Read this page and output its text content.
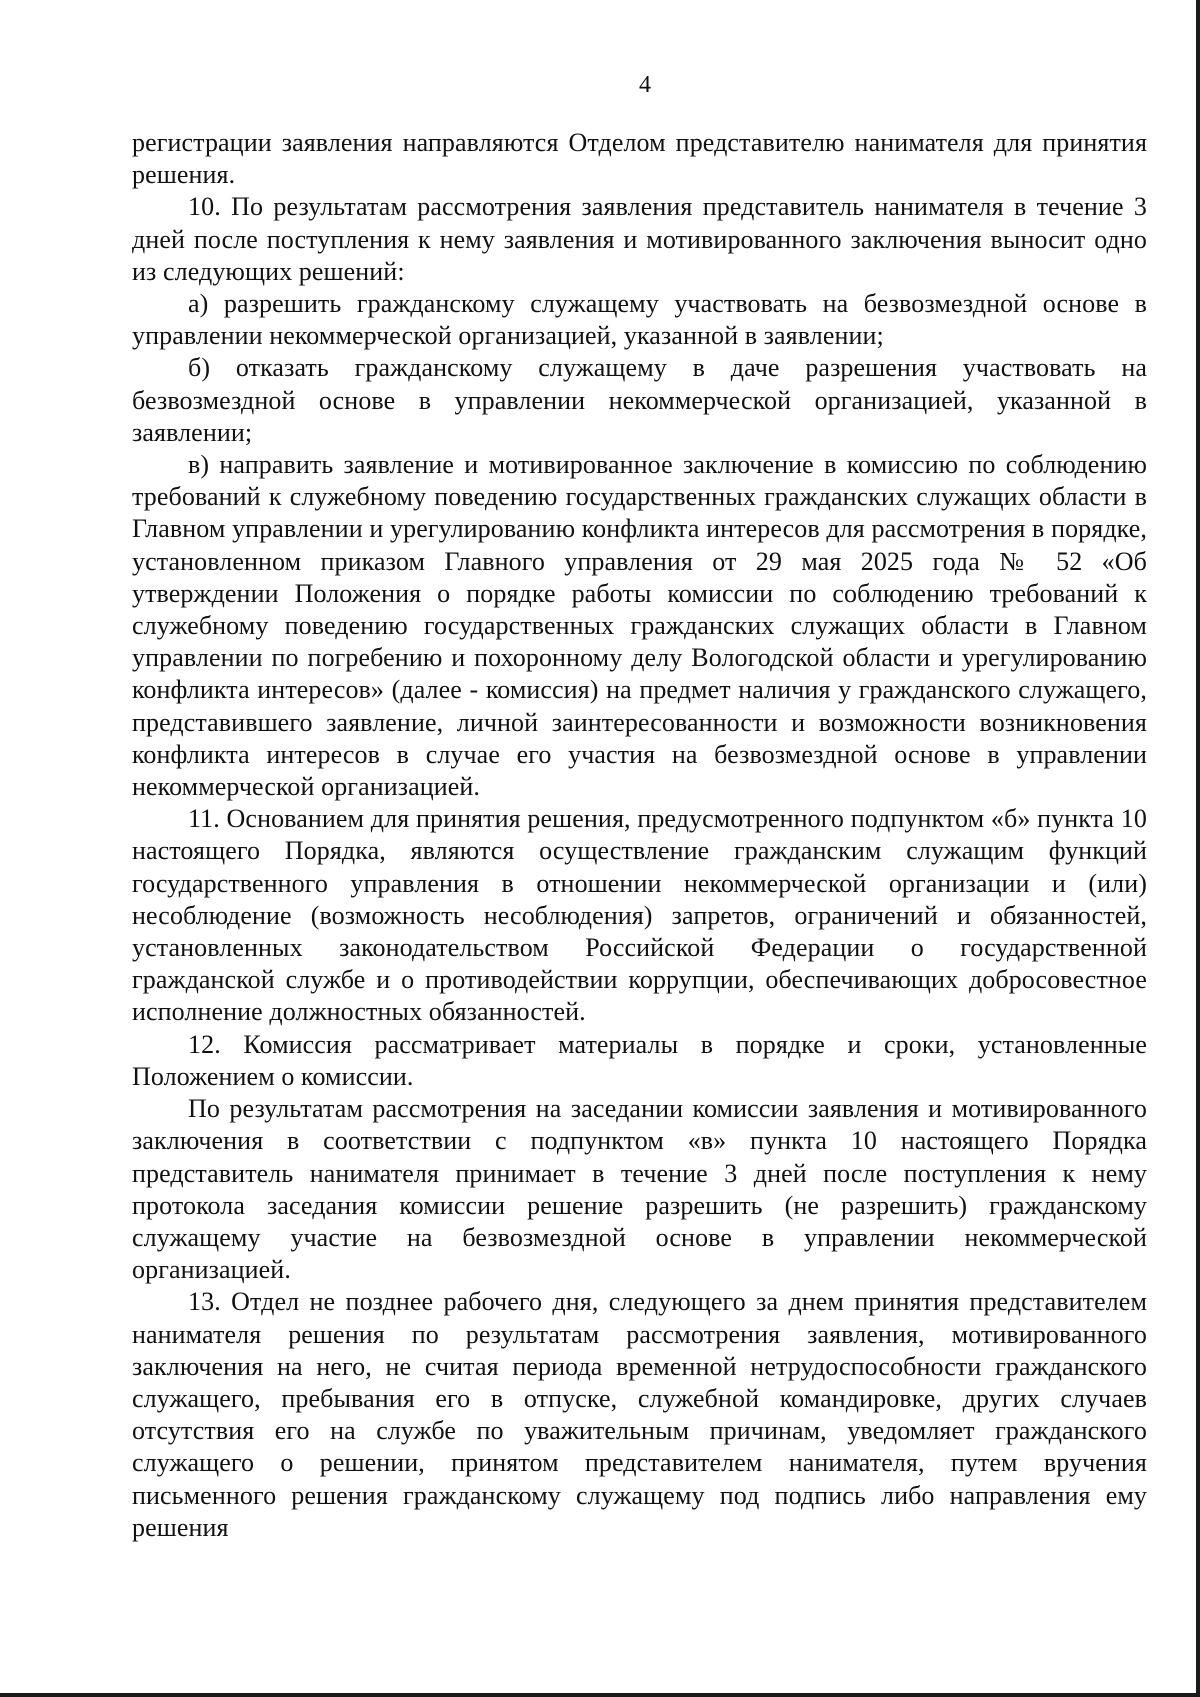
4

регистрации заявления направляются Отделом представителю нанимателя для принятия решения.

10. По результатам рассмотрения заявления представитель нанимателя в течение 3 дней после поступления к нему заявления и мотивированного заключения выносит одно из следующих решений:

а) разрешить гражданскому служащему участвовать на безвозмездной основе в управлении некоммерческой организацией, указанной в заявлении;

б) отказать гражданскому служащему в даче разрешения участвовать на безвозмездной основе в управлении некоммерческой организацией, указанной в заявлении;

в) направить заявление и мотивированное заключение в комиссию по соблюдению требований к служебному поведению государственных гражданских служащих области в Главном управлении и урегулированию конфликта интересов для рассмотрения в порядке, установленном приказом Главного управления от 29 мая 2025 года № 52 «Об утверждении Положения о порядке работы комиссии по соблюдению требований к служебному поведению государственных гражданских служащих области в Главном управлении по погребению и похоронному делу Вологодской области и урегулированию конфликта интересов» (далее - комиссия) на предмет наличия у гражданского служащего, представившего заявление, личной заинтересованности и возможности возникновения конфликта интересов в случае его участия на безвозмездной основе в управлении некоммерческой организацией.

11. Основанием для принятия решения, предусмотренного подпунктом «б» пункта 10 настоящего Порядка, являются осуществление гражданским служащим функций государственного управления в отношении некоммерческой организации и (или) несоблюдение (возможность несоблюдения) запретов, ограничений и обязанностей, установленных законодательством Российской Федерации о государственной гражданской службе и о противодействии коррупции, обеспечивающих добросовестное исполнение должностных обязанностей.

12. Комиссия рассматривает материалы в порядке и сроки, установленные Положением о комиссии.

По результатам рассмотрения на заседании комиссии заявления и мотивированного заключения в соответствии с подпунктом «в» пункта 10 настоящего Порядка представитель нанимателя принимает в течение 3 дней после поступления к нему протокола заседания комиссии решение разрешить (не разрешить) гражданскому служащему участие на безвозмездной основе в управлении некоммерческой организацией.

13. Отдел не позднее рабочего дня, следующего за днем принятия представителем нанимателя решения по результатам рассмотрения заявления, мотивированного заключения на него, не считая периода временной нетрудоспособности гражданского служащего, пребывания его в отпуске, служебной командировке, других случаев отсутствия его на службе по уважительным причинам, уведомляет гражданского служащего о решении, принятом представителем нанимателя, путем вручения письменного решения гражданскому служащему под подпись либо направления ему решения
